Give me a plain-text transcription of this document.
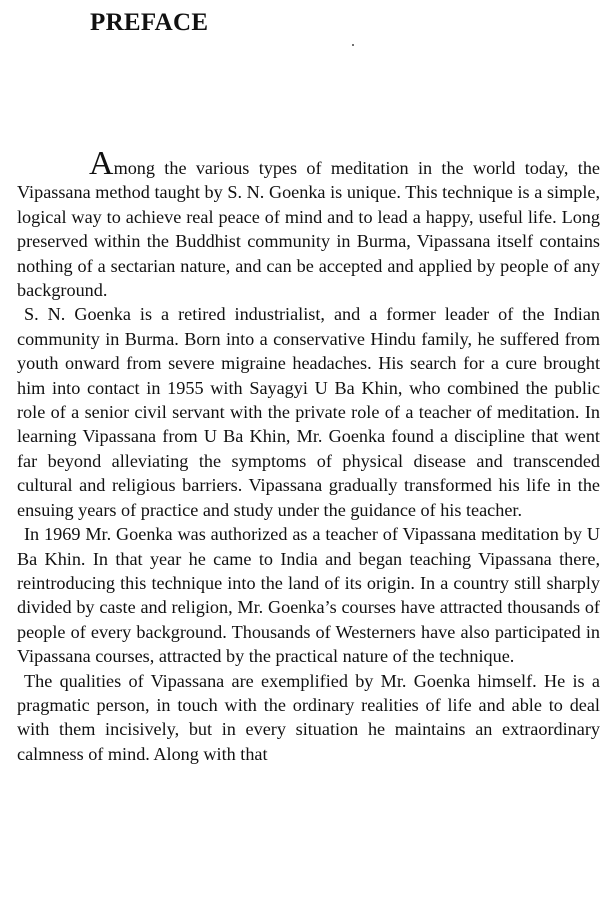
PREFACE

Among the various types of meditation in the world today, the Vipassana method taught by S. N. Goenka is unique. This technique is a simple, logical way to achieve real peace of mind and to lead a happy, useful life. Long preserved within the Buddhist community in Burma, Vipassana itself contains nothing of a sectarian nature, and can be accepted and applied by people of any background.

S. N. Goenka is a retired industrialist, and a former leader of the Indian community in Burma. Born into a conservative Hindu family, he suffered from youth onward from severe migraine headaches. His search for a cure brought him into contact in 1955 with Sayagyi U Ba Khin, who combined the public role of a senior civil servant with the private role of a teacher of meditation. In learning Vipassana from U Ba Khin, Mr. Goenka found a discipline that went far beyond alleviating the symptoms of physical disease and transcended cultural and religious barriers. Vipassana gradually transformed his life in the ensuing years of practice and study under the guidance of his teacher.

In 1969 Mr. Goenka was authorized as a teacher of Vipassana meditation by U Ba Khin. In that year he came to India and began teaching Vipassana there, reintroducing this technique into the land of its origin. In a country still sharply divided by caste and religion, Mr. Goenka’s courses have attracted thousands of people of every background. Thousands of Westerners have also participated in Vipassana courses, attracted by the practical nature of the technique.

The qualities of Vipassana are exemplified by Mr. Goenka himself. He is a pragmatic person, in touch with the ordinary realities of life and able to deal with them incisively, but in every situation he maintains an extraordinary calmness of mind. Along with that
